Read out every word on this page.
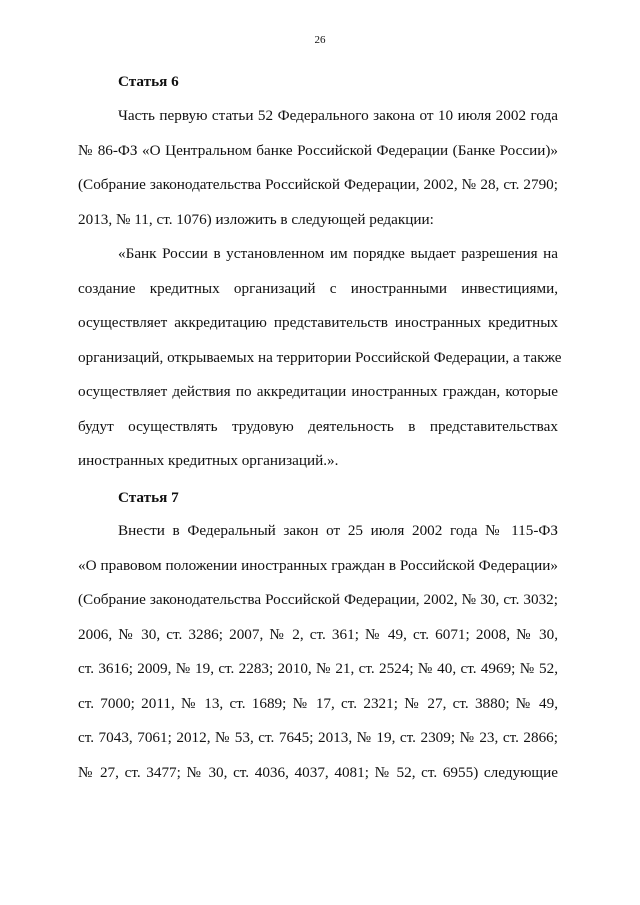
26
Статья 6
Часть первую статьи 52 Федерального закона от 10 июля 2002 года
№ 86-ФЗ «О Центральном банке Российской Федерации (Банке России)»
(Собрание законодательства Российской Федерации, 2002, № 28, ст. 2790;
2013, № 11, ст. 1076) изложить в следующей редакции:
«Банк России в установленном им порядке выдает разрешения на
создание кредитных организаций с иностранными инвестициями,
осуществляет аккредитацию представительств иностранных кредитных
организаций, открываемых на территории Российской Федерации, а также
осуществляет действия по аккредитации иностранных граждан, которые
будут осуществлять трудовую деятельность в представительствах
иностранных кредитных организаций.».
Статья 7
Внести в Федеральный закон от 25 июля 2002 года № 115-ФЗ
«О правовом положении иностранных граждан в Российской Федерации»
(Собрание законодательства Российской Федерации, 2002, № 30, ст. 3032;
2006, № 30, ст. 3286; 2007, № 2, ст. 361; № 49, ст. 6071; 2008, № 30,
ст. 3616; 2009, № 19, ст. 2283; 2010, № 21, ст. 2524; № 40, ст. 4969; № 52,
ст. 7000; 2011, № 13, ст. 1689; № 17, ст. 2321; № 27, ст. 3880; № 49,
ст. 7043, 7061; 2012, № 53, ст. 7645; 2013, № 19, ст. 2309; № 23, ст. 2866;
№ 27, ст. 3477; № 30, ст. 4036, 4037, 4081; № 52, ст. 6955) следующие
